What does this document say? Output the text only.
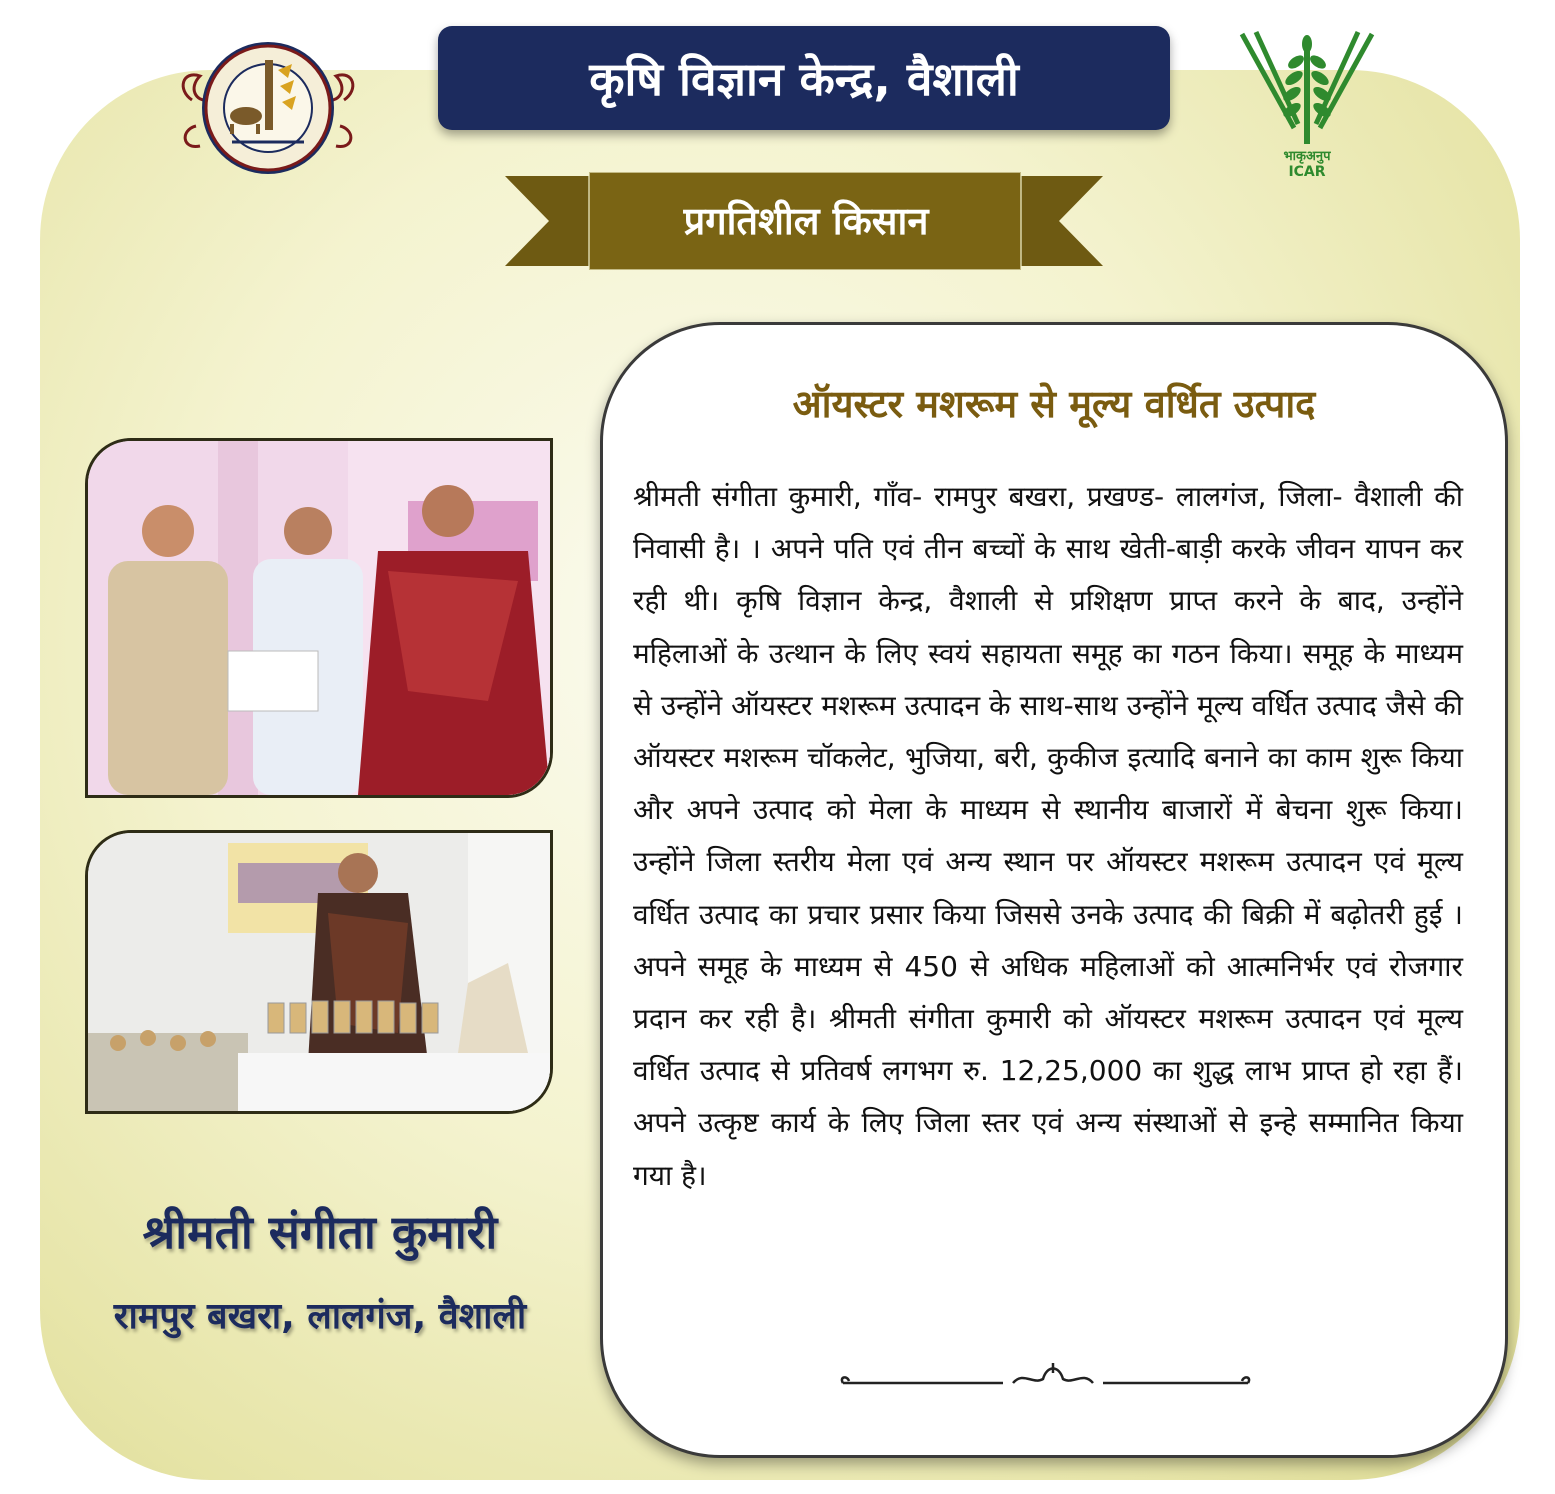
कृषि विज्ञान केन्द्र, वैशाली
भाकृअनुप
ICAR
प्रगतिशील किसान
श्रीमती संगीता कुमारी
रामपुर बखरा, लालगंज, वैशाली
ऑयस्टर मशरूम से मूल्य वर्धित उत्पाद

श्रीमती संगीता कुमारी, गाँव- रामपुर बखरा, प्रखण्ड- लालगंज, जिला- वैशाली की निवासी है। । अपने पति एवं तीन बच्चों के साथ खेती-बाड़ी करके जीवन यापन कर रही थी। कृषि विज्ञान केन्द्र, वैशाली से प्रशिक्षण प्राप्त करने के बाद, उन्होंने महिलाओं के उत्थान के लिए स्वयं सहायता समूह का गठन किया। समूह के माध्यम से उन्होंने ऑयस्टर मशरूम उत्पादन के साथ-साथ उन्होंने मूल्य वर्धित उत्पाद जैसे की ऑयस्टर मशरूम चॉकलेट, भुजिया, बरी, कुकीज इत्यादि बनाने का काम शुरू किया और अपने उत्पाद को मेला के माध्यम से स्थानीय बाजारों में बेचना शुरू किया। उन्होंने जिला स्तरीय मेला एवं अन्य स्थान पर ऑयस्टर मशरूम उत्पादन एवं मूल्य वर्धित उत्पाद का प्रचार प्रसार किया जिससे उनके उत्पाद की बिक्री में बढ़ोतरी हुई । अपने समूह के माध्यम से 450 से अधिक महिलाओं को आत्मनिर्भर एवं रोजगार प्रदान कर रही है। श्रीमती संगीता कुमारी को ऑयस्टर मशरूम उत्पादन एवं मूल्य वर्धित उत्पाद से प्रतिवर्ष लगभग रु. 12,25,000 का शुद्ध लाभ प्राप्त हो रहा हैं। अपने उत्कृष्ट कार्य के लिए जिला स्तर एवं अन्य संस्थाओं से इन्हे सम्मानित किया गया है।
